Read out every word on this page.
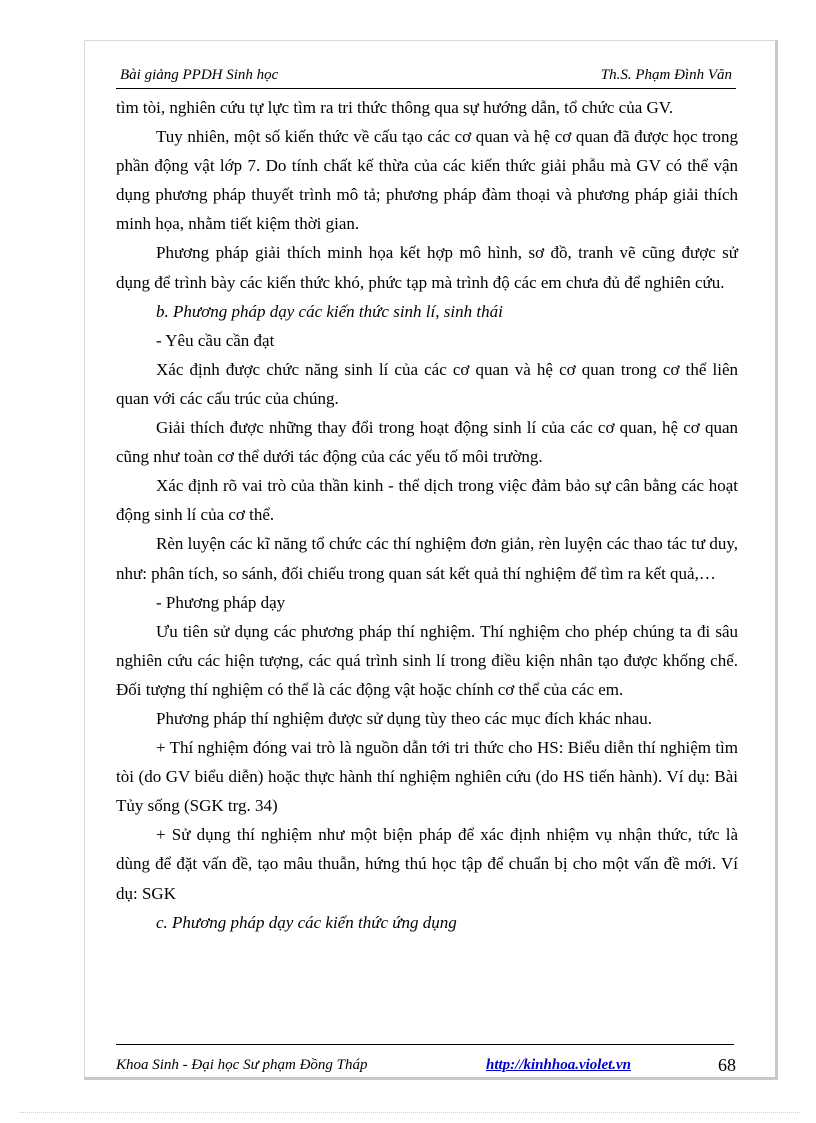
Bài giảng PPDH Sinh học	Th.S. Phạm Đình Văn

tìm tòi, nghiên cứu tự lực tìm ra tri thức thông qua sự hướng dẫn, tổ chức của GV.

Tuy nhiên, một số kiến thức về cấu tạo các cơ quan và hệ cơ quan đã được học trong phần động vật lớp 7. Do tính chất kế thừa của các kiến thức giải phẫu mà GV có thể vận dụng phương pháp thuyết trình mô tả; phương pháp đàm thoại và phương pháp giải thích minh họa, nhằm tiết kiệm thời gian.

Phương pháp giải thích minh họa kết hợp mô hình, sơ đồ, tranh vẽ cũng được sử dụng để trình bày các kiến thức khó, phức tạp mà trình độ các em chưa đủ để nghiên cứu.

b. Phương pháp dạy các kiến thức sinh lí, sinh thái

- Yêu cầu cần đạt

Xác định được chức năng sinh lí của các cơ quan và hệ cơ quan trong cơ thể liên quan với các cấu trúc của chúng.

Giải thích được những thay đổi trong hoạt động sinh lí của các cơ quan, hệ cơ quan cũng như toàn cơ thể dưới tác động của các yếu tố môi trường.

Xác định rõ vai trò của thần kinh - thể dịch trong việc đảm bảo sự cân bằng các hoạt động sinh lí của cơ thể.

Rèn luyện các kĩ năng tổ chức các thí nghiệm đơn giản, rèn luyện các thao tác tư duy, như: phân tích, so sánh, đối chiếu trong quan sát kết quả thí nghiệm để tìm ra kết quả,…

- Phương pháp dạy

Ưu tiên sử dụng các phương pháp thí nghiệm. Thí nghiệm cho phép chúng ta đi sâu nghiên cứu các hiện tượng, các quá trình sinh lí trong điều kiện nhân tạo được khống chế. Đối tượng thí nghiệm có thể là các động vật hoặc chính cơ thể của các em.

Phương pháp thí nghiệm được sử dụng tùy theo các mục đích khác nhau.

+ Thí nghiệm đóng vai trò là nguồn dẫn tới tri thức cho HS: Biểu diễn thí nghiệm tìm tòi (do GV biểu diễn) hoặc thực hành thí nghiệm nghiên cứu (do HS tiến hành). Ví dụ: Bài Tủy sống (SGK trg. 34)

+ Sử dụng thí nghiệm như một biện pháp để xác định nhiệm vụ nhận thức, tức là dùng để đặt vấn đề, tạo mâu thuẫn, hứng thú học tập để chuẩn bị cho một vấn đề mới. Ví dụ: SGK

c. Phương pháp dạy các kiến thức ứng dụng

Khoa Sinh - Đại học Sư phạm Đồng Tháp	http://kinhhoa.violet.vn	68
